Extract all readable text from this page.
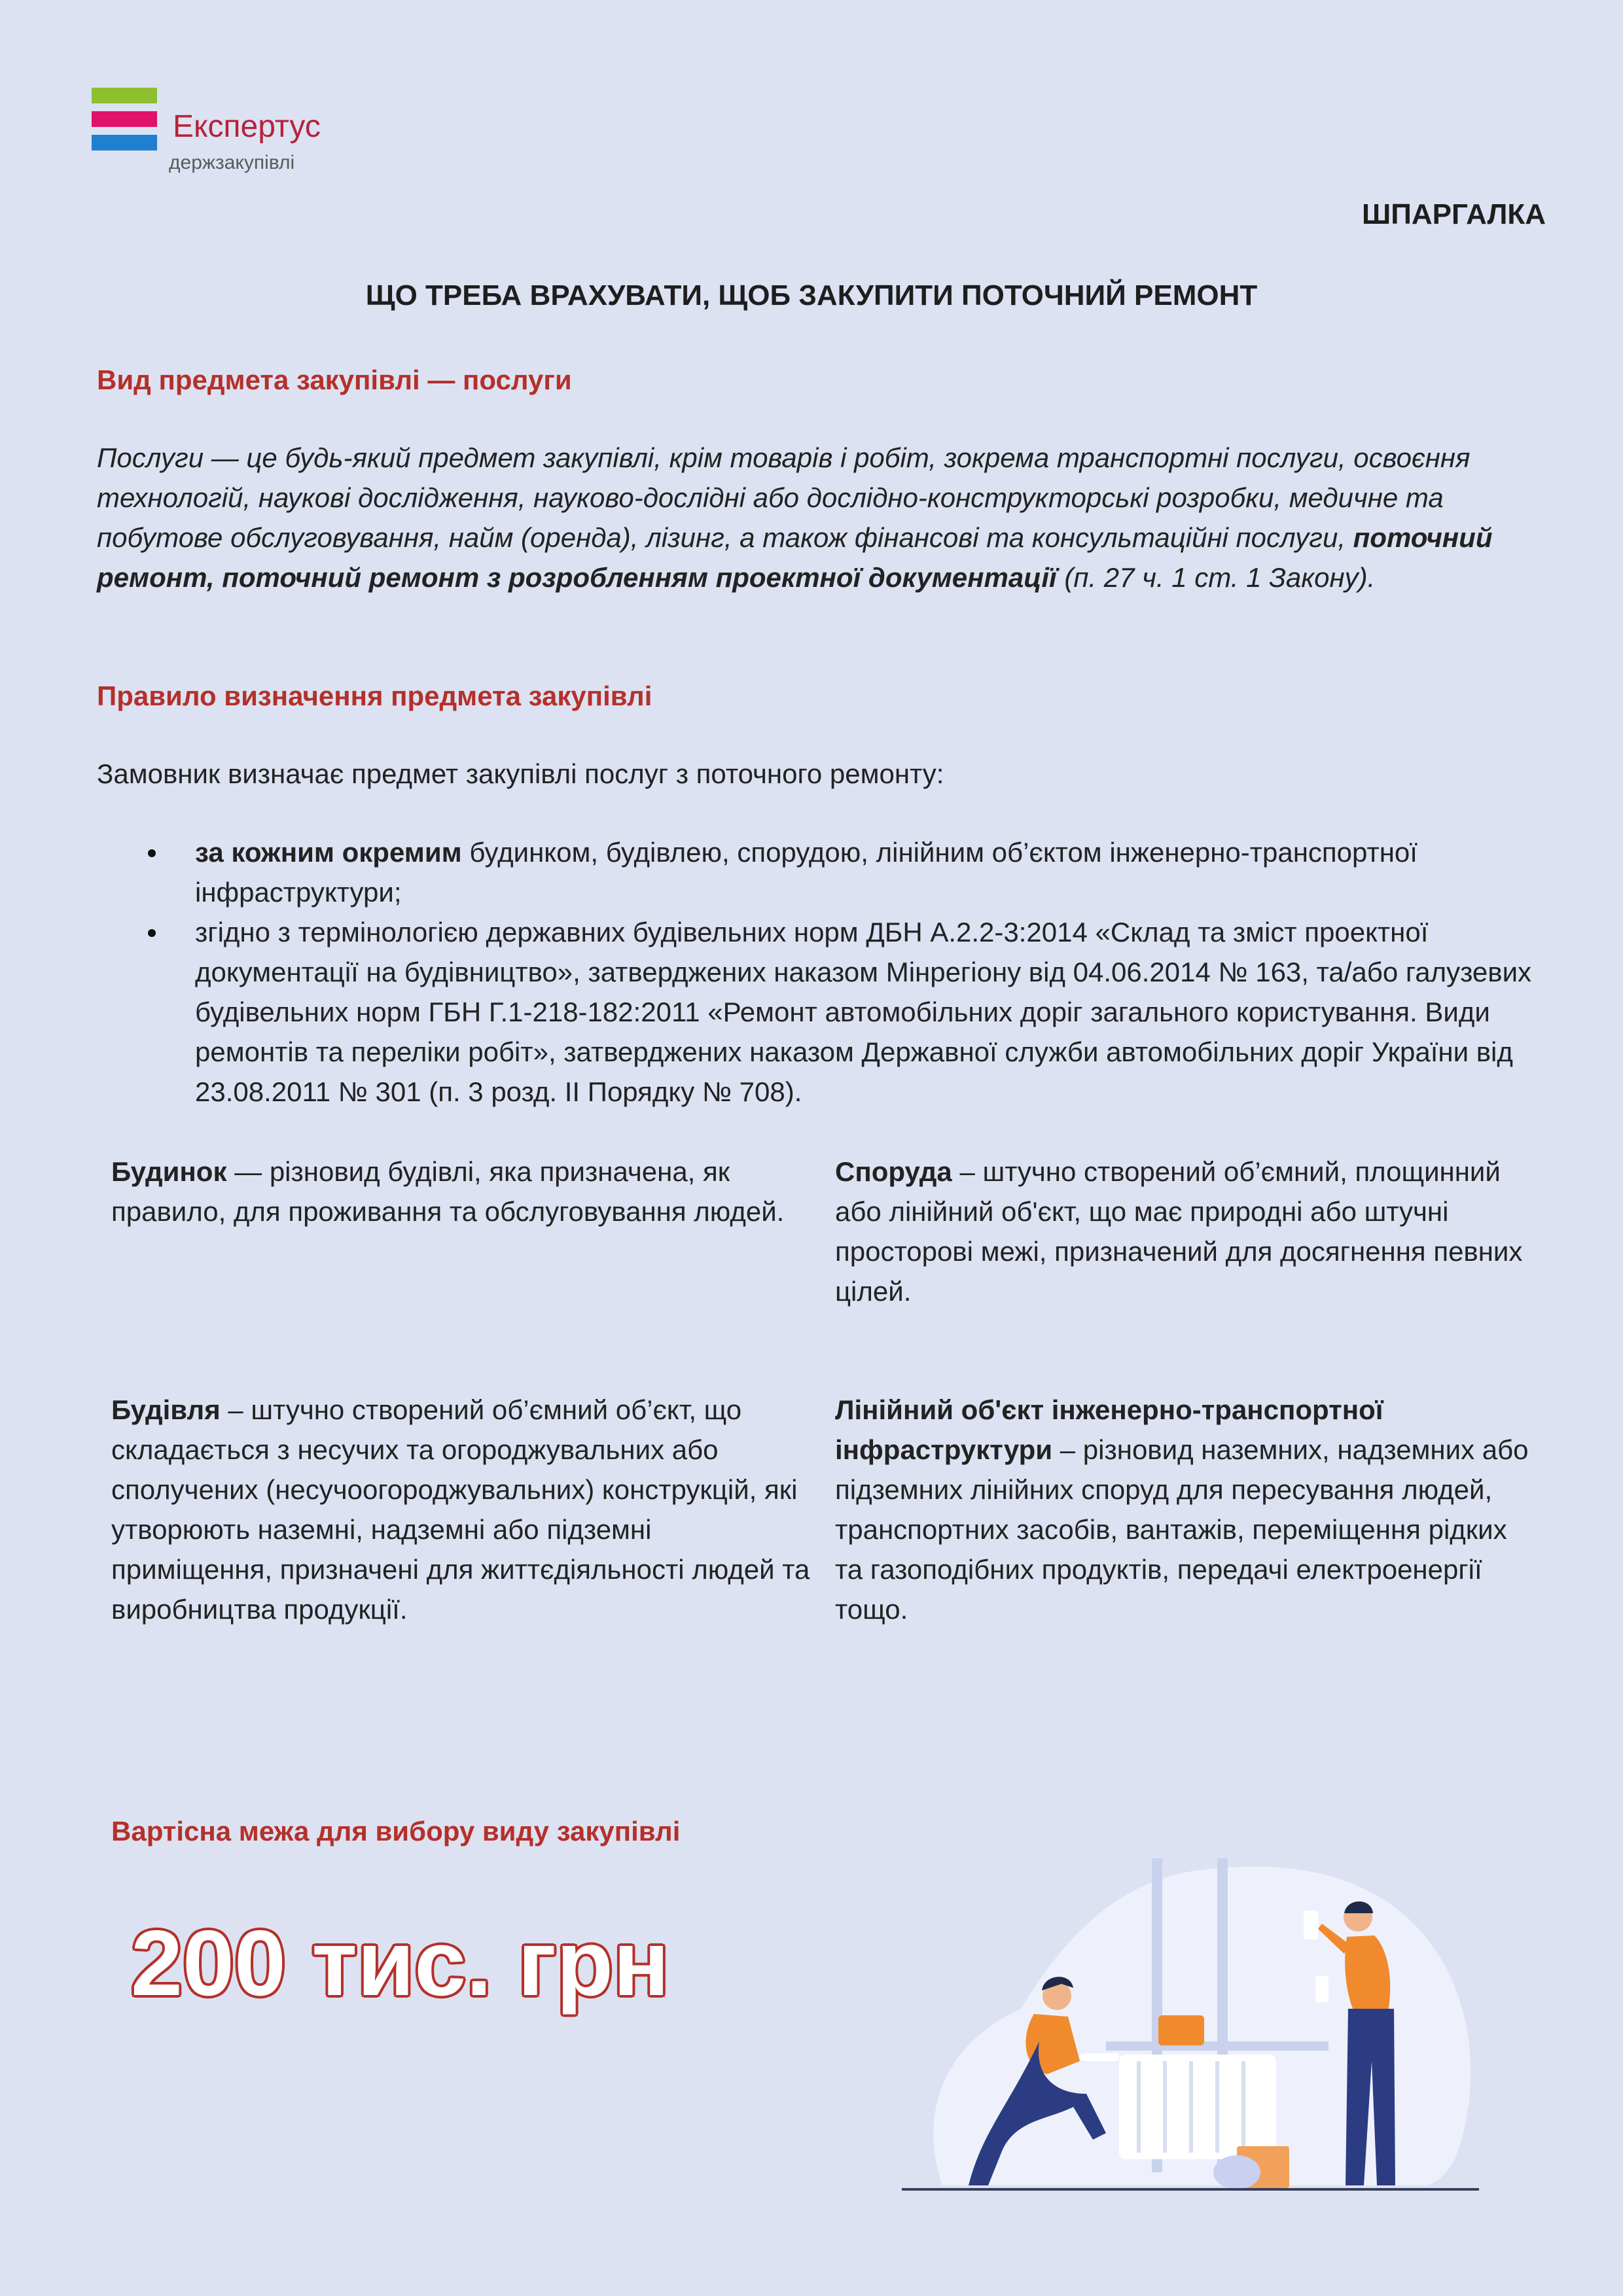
Експертус
держзакупівлі
ШПАРГАЛКА
ЩО ТРЕБА ВРАХУВАТИ, ЩОБ ЗАКУПИТИ ПОТОЧНИЙ РЕМОНТ
Вид предмета закупівлі — послуги
Послуги — це будь-який предмет закупівлі, крім товарів і робіт, зокрема транспортні послуги, освоєння технологій, наукові дослідження, науково-дослідні або дослідно-конструкторські розробки, медичне та побутове обслуговування, найм (оренда), лізинг, а також фінансові та консультаційні послуги, поточний ремонт, поточний ремонт з розробленням проектної документації (п. 27 ч. 1 ст. 1 Закону).
Правило визначення предмета закупівлі
Замовник визначає предмет закупівлі послуг з поточного ремонту:
за кожним окремим будинком, будівлею, спорудою, лінійним об’єктом інженерно-транспортної інфраструктури;
згідно з термінологією державних будівельних норм ДБН А.2.2-3:2014 «Склад та зміст проектної документації на будівництво», затверджених наказом Мінрегіону від 04.06.2014 № 163, та/або галузевих будівельних норм ГБН Г.1-218-182:2011 «Ремонт автомобільних доріг загального користування. Види ремонтів та переліки робіт», затверджених наказом Державної служби автомобільних доріг України від 23.08.2011 № 301 (п. 3 розд. II Порядку № 708).
Будинок — різновид будівлі, яка призначена, як правило, для проживання та обслуговування людей.
Споруда – штучно створений об’ємний, площинний або лінійний об'єкт, що має природні або штучні просторові межі, призначений для досягнення певних цілей.
Будівля – штучно створений об’ємний об’єкт, що складається з несучих та огороджувальних або сполучених (несучоогороджувальних) конструкцій, які утворюють наземні, надземні або підземні приміщення, призначені для життєдіяльності людей та виробництва продукції.
Лінійний об'єкт інженерно-транспортної інфраструктури – різновид наземних, надземних або підземних лінійних споруд для пересування людей, транспортних засобів, вантажів, переміщення рідких та газоподібних продуктів, передачі електроенергії тощо.
Вартісна межа для вибору виду закупівлі
200 тис. грн
